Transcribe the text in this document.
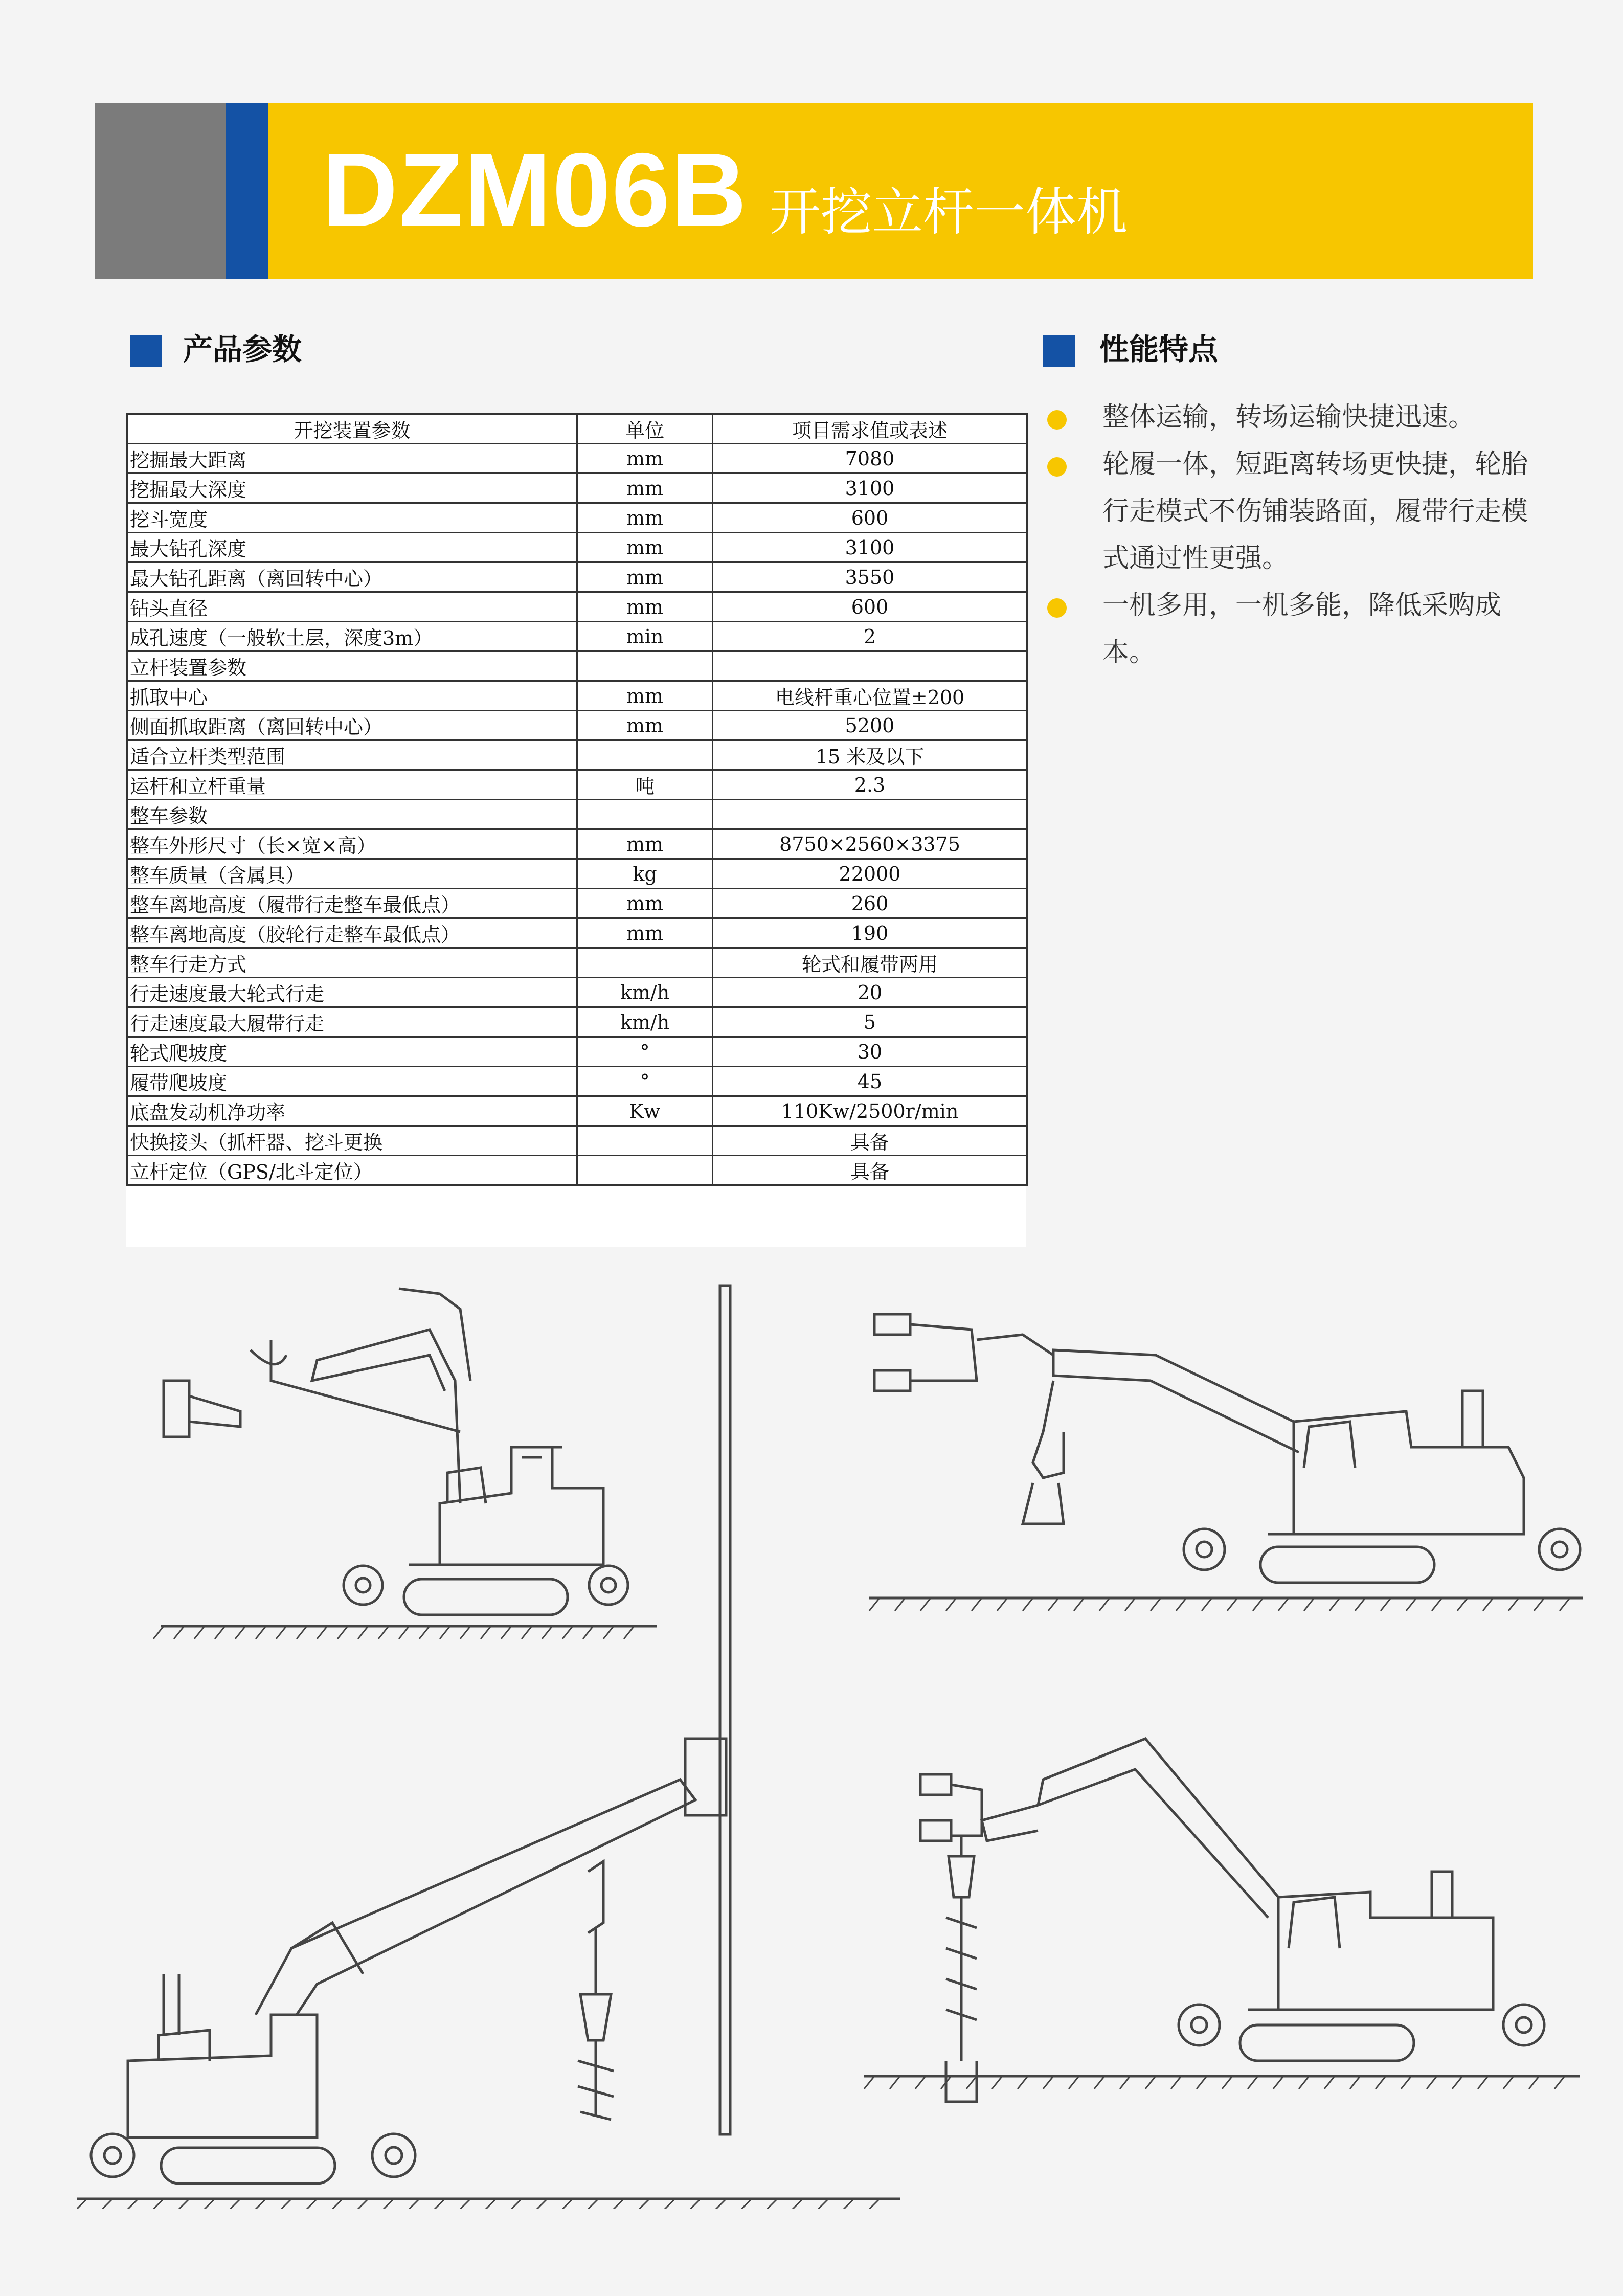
DZM06B 开挖立杆一体机
产品参数	性能特点
开挖装置参数	单位	项目需求值或表述
挖掘最大距离	mm	7080
挖掘最大深度	mm	3100
挖斗宽度	mm	600
最大钻孔深度	mm	3100
最大钻孔距离（离回转中心）	mm	3550
钻头直径	mm	600
成孔速度（一般软土层，深度3m）	min	2
立杆装置参数		
抓取中心	mm	电线杆重心位置±200
侧面抓取距离（离回转中心）	mm	5200
适合立杆类型范围		15 米及以下
运杆和立杆重量	吨	2.3
整车参数		
整车外形尺寸（长×宽×高）	mm	8750×2560×3375
整车质量（含属具）	kg	22000
整车离地高度（履带行走整车最低点）	mm	260
整车离地高度（胶轮行走整车最低点）	mm	190
整车行走方式		轮式和履带两用
行走速度最大轮式行走	km/h	20
行走速度最大履带行走	km/h	5
轮式爬坡度	°	30
履带爬坡度	°	45
底盘发动机净功率	Kw	110Kw/2500r/min
快换接头（抓杆器、挖斗更换		具备
立杆定位（GPS/北斗定位）		具备
整体运输，转场运输快捷迅速。
轮履一体，短距离转场更快捷，轮胎行走模式不伤铺装路面，履带行走模式通过性更强。
一机多用，一机多能，降低采购成本。
